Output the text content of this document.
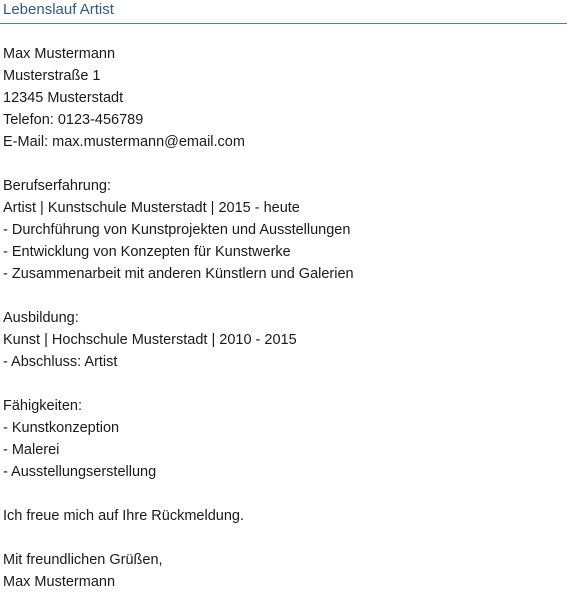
Lebenslauf Artist
Max Mustermann
Musterstraße 1
12345 Musterstadt
Telefon: 0123-456789
E-Mail: max.mustermann@email.com
Berufserfahrung:
Artist | Kunstschule Musterstadt | 2015 - heute
- Durchführung von Kunstprojekten und Ausstellungen
- Entwicklung von Konzepten für Kunstwerke
- Zusammenarbeit mit anderen Künstlern und Galerien
Ausbildung:
Kunst | Hochschule Musterstadt | 2010 - 2015
- Abschluss: Artist
Fähigkeiten:
- Kunstkonzeption
- Malerei
- Ausstellungserstellung
Ich freue mich auf Ihre Rückmeldung.
Mit freundlichen Grüßen,
Max Mustermann
